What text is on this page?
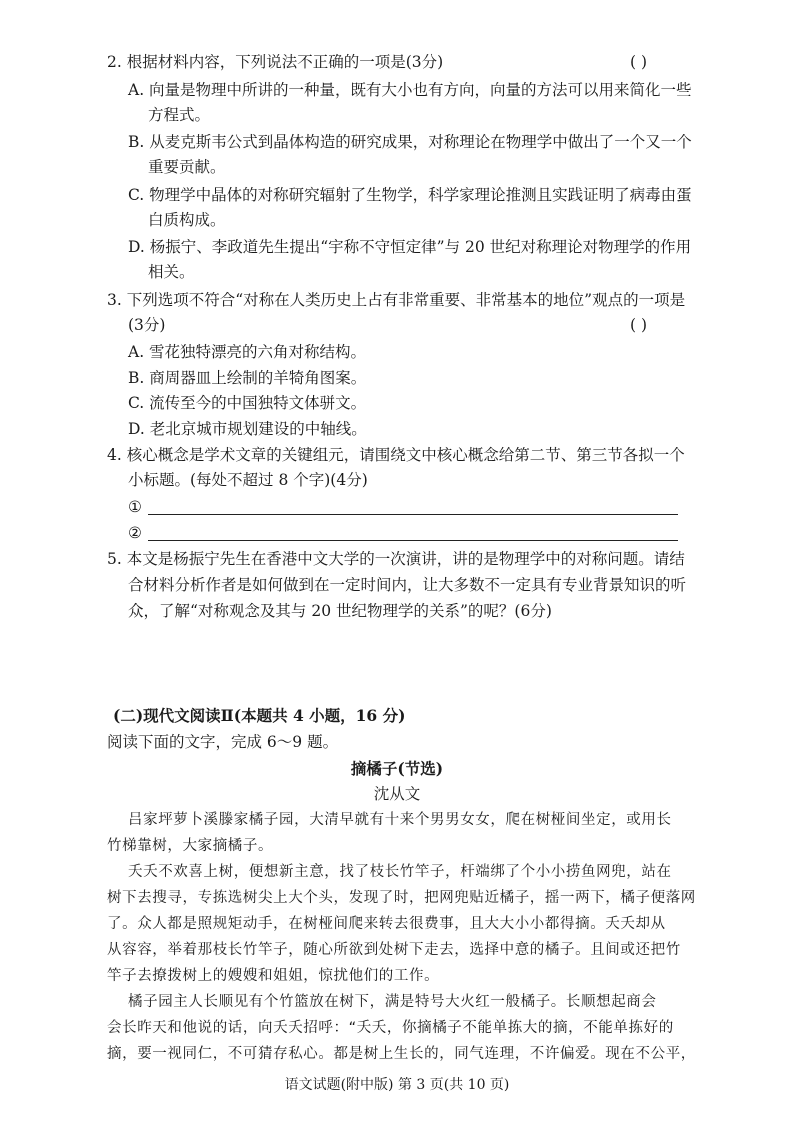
2. 根据材料内容，下列说法不正确的一项是(3分)	( )
A. 向量是物理中所讲的一种量，既有大小也有方向，向量的方法可以用来简化一些
方程式。
B. 从麦克斯韦公式到晶体构造的研究成果，对称理论在物理学中做出了一个又一个
重要贡献。
C. 物理学中晶体的对称研究辐射了生物学，科学家理论推测且实践证明了病毒由蛋
白质构成。
D. 杨振宁、李政道先生提出“宇称不守恒定律”与 20 世纪对称理论对物理学的作用
相关。
3. 下列选项不符合“对称在人类历史上占有非常重要、非常基本的地位”观点的一项是
(3分)	( )
A. 雪花独特漂亮的六角对称结构。
B. 商周器皿上绘制的羊犄角图案。
C. 流传至今的中国独特文体骈文。
D. 老北京城市规划建设的中轴线。
4. 核心概念是学术文章的关键组元，请围绕文中核心概念给第二节、第三节各拟一个
小标题。(每处不超过 8 个字)(4分)
①
②
5. 本文是杨振宁先生在香港中文大学的一次演讲，讲的是物理学中的对称问题。请结
合材料分析作者是如何做到在一定时间内，让大多数不一定具有专业背景知识的听
众，了解“对称观念及其与 20 世纪物理学的关系”的呢？(6分)
(二)现代文阅读Ⅱ(本题共 4 小题，16 分)
阅读下面的文字，完成 6～9 题。
摘橘子(节选)
沈从文
吕家坪萝卜溪滕家橘子园，大清早就有十来个男男女女，爬在树桠间坐定，或用长
竹梯靠树，大家摘橘子。
夭夭不欢喜上树，便想新主意，找了枝长竹竿子，杆端绑了个小小捞鱼网兜，站在
树下去搜寻，专拣选树尖上大个头，发现了时，把网兜贴近橘子，摇一两下，橘子便落网
了。众人都是照规矩动手，在树桠间爬来转去很费事，且大大小小都得摘。夭夭却从
从容容，举着那枝长竹竿子，随心所欲到处树下走去，选择中意的橘子。且间或还把竹
竿子去撩拨树上的嫂嫂和姐姐，惊扰他们的工作。
橘子园主人长顺见有个竹篮放在树下，满是特号大火红一般橘子。长顺想起商会
会长昨天和他说的话，向夭夭招呼：“夭夭，你摘橘子不能单拣大的摘，不能单拣好的
摘，要一视同仁，不可猜存私心。都是树上生长的，同气连理，不许偏爱。现在不公平，
语文试题(附中版) 第 3 页(共 10 页)
